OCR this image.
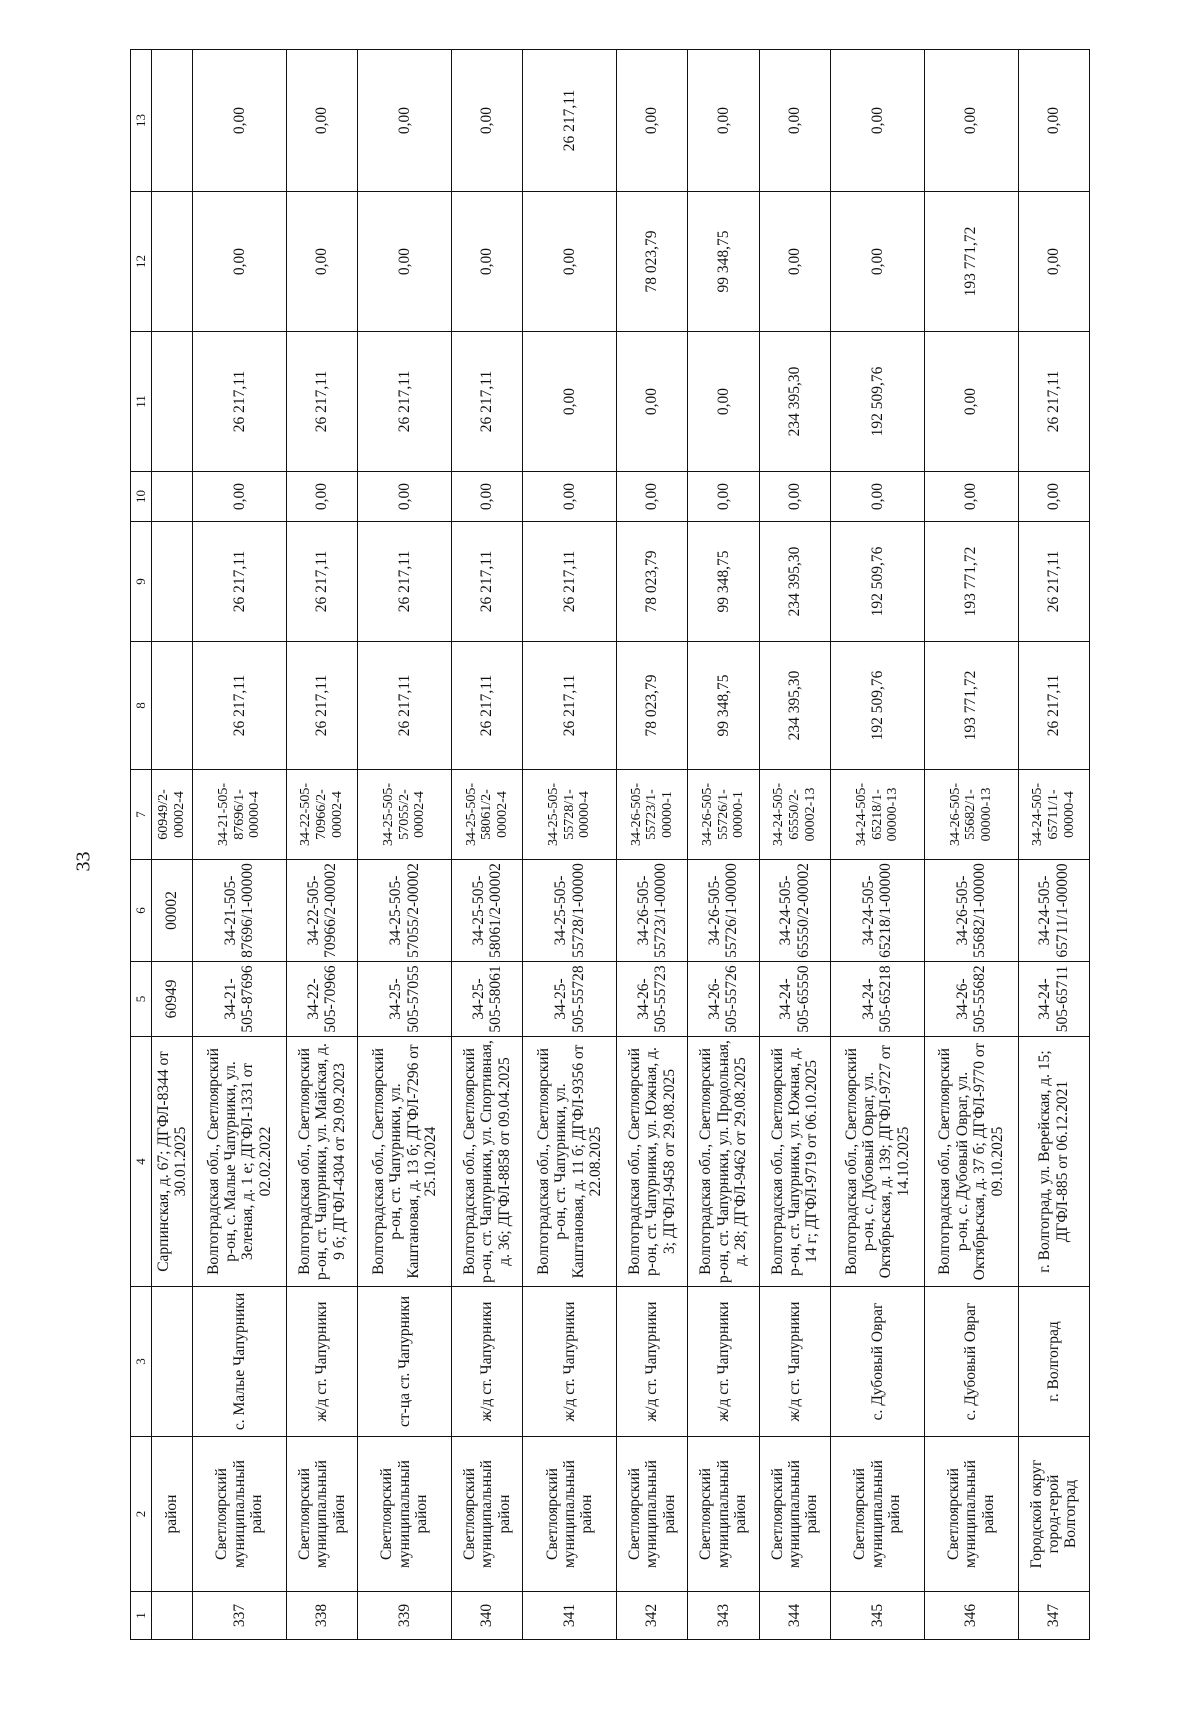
33
1	2	3	4	5	6	7	8	9	10	11	12	13
	район		Сарпинская, д. 67; ДГФЛ-8344 от 30.01.2025	60949	00002	60949/2-00002-4						
337	Светлоярский муниципальный район	с. Малые Чапурники	Волгоградская обл., Светлоярский р-он, с. Малые Чапурники, ул. Зеленая, д. 1 е; ДГФЛ-1331 от 02.02.2022	34-21-505-87696	34-21-505-87696/1-00000	34-21-505-87696/1-00000-4	26 217,11	26 217,11	0,00	26 217,11	0,00	0,00
338	Светлоярский муниципальный район	ж/д ст. Чапурники	Волгоградская обл., Светлоярский р-он, ст. Чапурники, ул. Майская, д. 9 б; ДГФЛ-4304 от 29.09.2023	34-22-505-70966	34-22-505-70966/2-00002	34-22-505-70966/2-00002-4	26 217,11	26 217,11	0,00	26 217,11	0,00	0,00
339	Светлоярский муниципальный район	ст-ца ст. Чапурники	Волгоградская обл., Светлоярский р-он, ст. Чапурники, ул. Каштановая, д. 13 б; ДГФЛ-7296 от 25.10.2024	34-25-505-57055	34-25-505-57055/2-00002	34-25-505-57055/2-00002-4	26 217,11	26 217,11	0,00	26 217,11	0,00	0,00
340	Светлоярский муниципальный район	ж/д ст. Чапурники	Волгоградская обл., Светлоярский р-он, ст. Чапурники, ул. Спортивная, д. 36; ДГФЛ-8858 от 09.04.2025	34-25-505-58061	34-25-505-58061/2-00002	34-25-505-58061/2-00002-4	26 217,11	26 217,11	0,00	26 217,11	0,00	0,00
341	Светлоярский муниципальный район	ж/д ст. Чапурники	Волгоградская обл., Светлоярский р-он, ст. Чапурники, ул. Каштановая, д. 11 б; ДГФЛ-9356 от 22.08.2025	34-25-505-55728	34-25-505-55728/1-00000	34-25-505-55728/1-00000-4	26 217,11	26 217,11	0,00	0,00	0,00	26 217,11
342	Светлоярский муниципальный район	ж/д ст. Чапурники	Волгоградская обл., Светлоярский р-он, ст. Чапурники, ул. Южная, д. 3; ДГФЛ-9458 от 29.08.2025	34-26-505-55723	34-26-505-55723/1-00000	34-26-505-55723/1-00000-1	78 023,79	78 023,79	0,00	0,00	78 023,79	0,00
343	Светлоярский муниципальный район	ж/д ст. Чапурники	Волгоградская обл., Светлоярский р-он, ст. Чапурники, ул. Продольная, д. 28; ДГФЛ-9462 от 29.08.2025	34-26-505-55726	34-26-505-55726/1-00000	34-26-505-55726/1-00000-1	99 348,75	99 348,75	0,00	0,00	99 348,75	0,00
344	Светлоярский муниципальный район	ж/д ст. Чапурники	Волгоградская обл., Светлоярский р-он, ст. Чапурники, ул. Южная, д. 14 г; ДГФЛ-9719 от 06.10.2025	34-24-505-65550	34-24-505-65550/2-00002	34-24-505-65550/2-00002-13	234 395,30	234 395,30	0,00	234 395,30	0,00	0,00
345	Светлоярский муниципальный район	с. Дубовый Овраг	Волгоградская обл., Светлоярский р-он, с. Дубовый Овраг, ул. Октябрьская, д. 139; ДГФЛ-9727 от 14.10.2025	34-24-505-65218	34-24-505-65218/1-00000	34-24-505-65218/1-00000-13	192 509,76	192 509,76	0,00	192 509,76	0,00	0,00
346	Светлоярский муниципальный район	с. Дубовый Овраг	Волгоградская обл., Светлоярский р-он, с. Дубовый Овраг, ул. Октябрьская, д. 37 б; ДГФЛ-9770 от 09.10.2025	34-26-505-55682	34-26-505-55682/1-00000	34-26-505-55682/1-00000-13	193 771,72	193 771,72	0,00	0,00	193 771,72	0,00
347	Городской округ город-герой Волгоград	г. Волгоград	г. Волгоград, ул. Верейская, д. 15; ДГФЛ-885 от 06.12.2021	34-24-505-65711	34-24-505-65711/1-00000	34-24-505-65711/1-00000-4	26 217,11	26 217,11	0,00	26 217,11	0,00	0,00
